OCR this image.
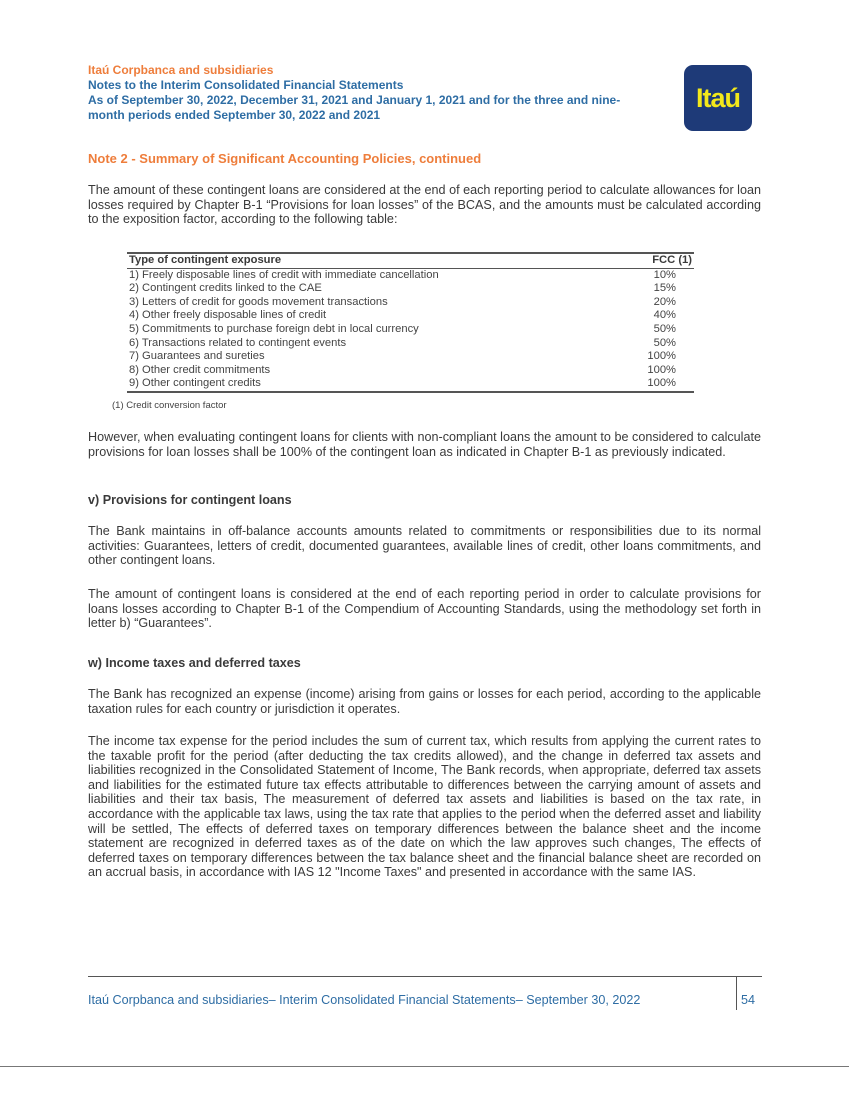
Itaú Corpbanca and subsidiaries
Notes to the Interim Consolidated Financial Statements
As of September 30, 2022, December 31, 2021 and January 1, 2021 and for the three and nine-month periods ended September 30, 2022 and 2021
Itaú
Note 2 - Summary of Significant Accounting Policies, continued

The amount of these contingent loans are considered at the end of each reporting period to calculate allowances for loan losses required by Chapter B-1 “Provisions for loan losses” of the BCAS, and the amounts must be calculated according to the exposition factor, according to the following table:

Type of contingent exposure	FCC (1)
1) Freely disposable lines of credit with immediate cancellation	10%
2) Contingent credits linked to the CAE	15%
3) Letters of credit for goods movement transactions	20%
4) Other freely disposable lines of credit	40%
5) Commitments to purchase foreign debt in local currency	50%
6) Transactions related to contingent events	50%
7) Guarantees and sureties	100%
8) Other credit commitments	100%
9) Other contingent credits	100%
(1) Credit conversion factor

However, when evaluating contingent loans for clients with non-compliant loans the amount to be considered to calculate provisions for loan losses shall be 100% of the contingent loan as indicated in Chapter B-1 as previously indicated.

v) Provisions for contingent loans

The Bank maintains in off-balance accounts amounts related to commitments or responsibilities due to its normal activities: Guarantees, letters of credit, documented guarantees, available lines of credit, other loans commitments, and other contingent loans.

The amount of contingent loans is considered at the end of each reporting period in order to calculate provisions for loans losses according to Chapter B-1 of the Compendium of Accounting Standards, using the methodology set forth in letter b) “Guarantees”.

w) Income taxes and deferred taxes

The Bank has recognized an expense (income) arising from gains or losses for each period, according to the applicable taxation rules for each country or jurisdiction it operates.

The income tax expense for the period includes the sum of current tax, which results from applying the current rates to the taxable profit for the period (after deducting the tax credits allowed), and the change in deferred tax assets and liabilities recognized in the Consolidated Statement of Income, The Bank records, when appropriate, deferred tax assets and liabilities for the estimated future tax effects attributable to differences between the carrying amount of assets and liabilities and their tax basis, The measurement of deferred tax assets and liabilities is based on the tax rate, in accordance with the applicable tax laws, using the tax rate that applies to the period when the deferred asset and liability will be settled, The effects of deferred taxes on temporary differences between the balance sheet and the income statement are recognized in deferred taxes as of the date on which the law approves such changes, The effects of deferred taxes on temporary differences between the tax balance sheet and the financial balance sheet are recorded on an accrual basis, in accordance with IAS 12 "Income Taxes" and presented in accordance with the same IAS.

Itaú Corpbanca and subsidiaries– Interim Consolidated Financial Statements– September 30, 2022	54
